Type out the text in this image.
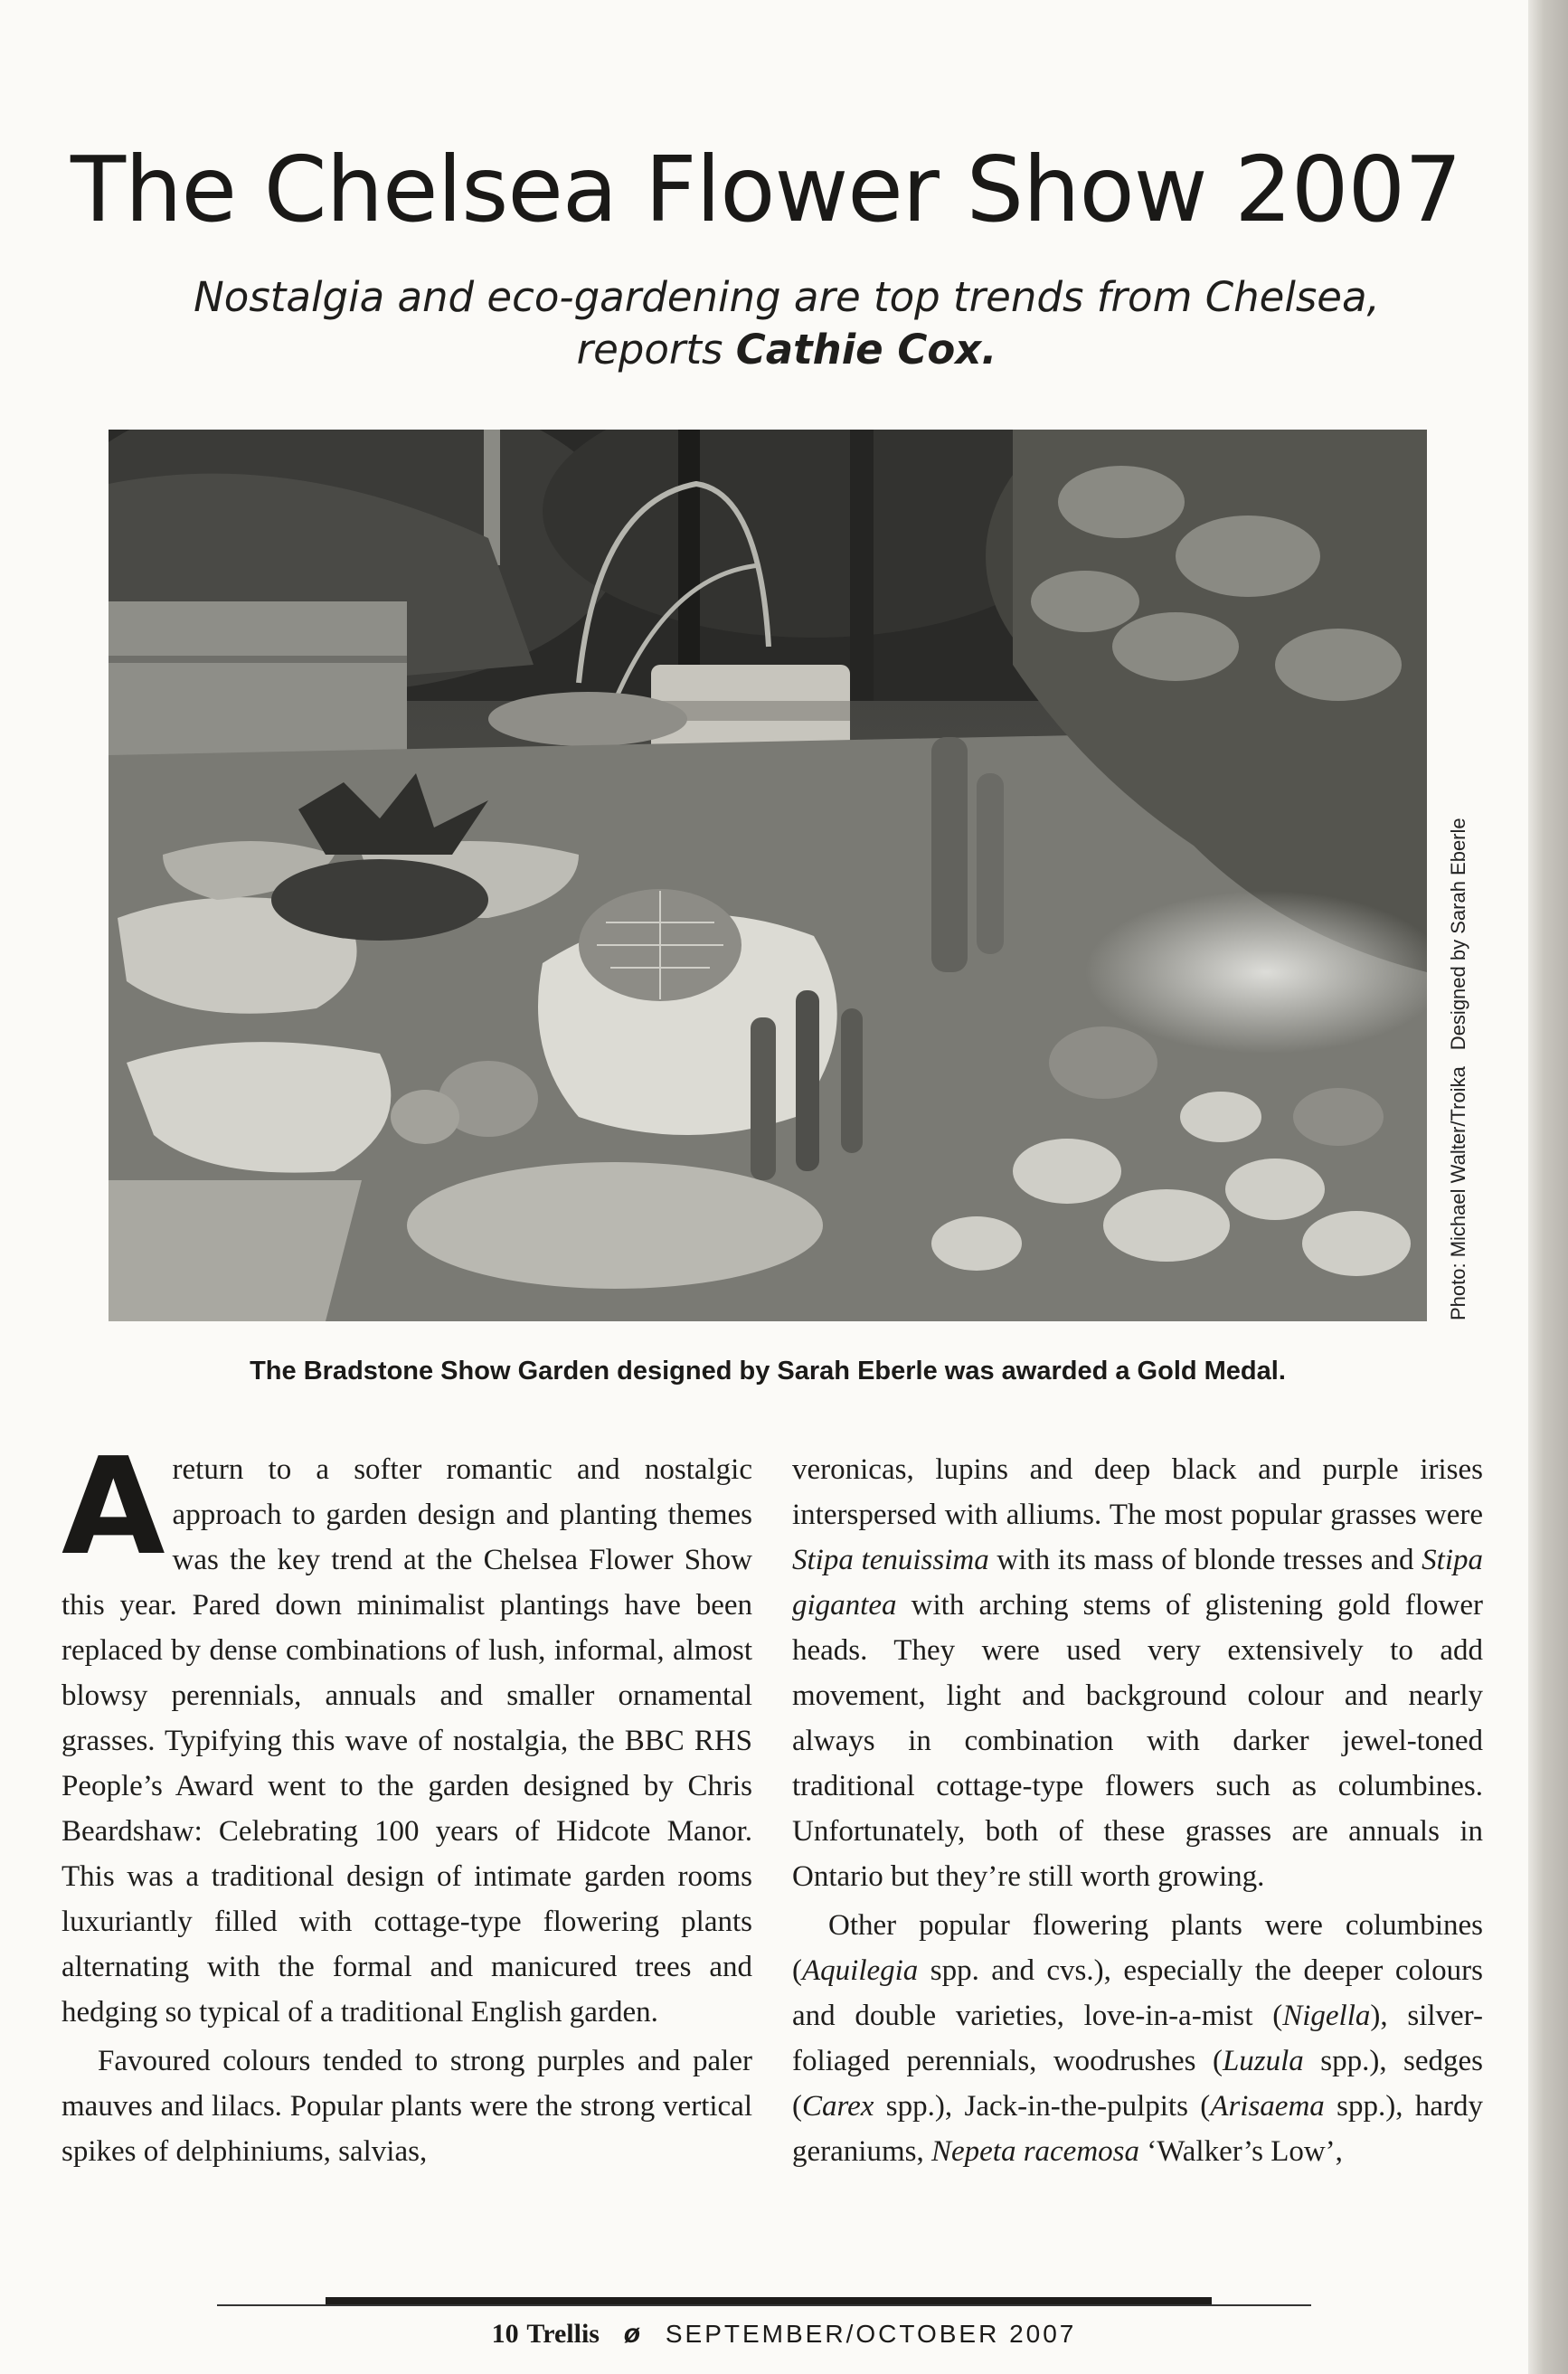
The Chelsea Flower Show 2007
Nostalgia and eco-gardening are top trends from Chelsea, reports Cathie Cox.
Photo: Michael Walter/TroikaDesigned by Sarah Eberle
The Bradstone Show Garden designed by Sarah Eberle was awarded a Gold Medal.

Areturn to a softer romantic and nostalgic approach to garden design and planting themes was the key trend at the Chelsea Flower Show this year. Pared down minimalist plantings have been replaced by dense combinations of lush, informal, almost blowsy perennials, annuals and smaller ornamental grasses. Typifying this wave of nostalgia, the BBC RHS People’s Award went to the garden designed by Chris Beardshaw: Celebrating 100 years of Hidcote Manor. This was a traditional design of intimate garden rooms luxuriantly filled with cottage-type flowering plants alternating with the formal and manicured trees and hedging so typical of a traditional English garden.

Favoured colours tended to strong purples and paler mauves and lilacs. Popular plants were the strong vertical spikes of delphiniums, salvias,

veronicas, lupins and deep black and purple irises interspersed with alliums. The most popular grasses were Stipa tenuissima with its mass of blonde tresses and Stipa gigantea with arching stems of glistening gold flower heads. They were used very extensively to add movement, light and background colour and nearly always in combination with darker jewel-toned traditional cottage-type flowers such as columbines. Unfortunately, both of these grasses are annuals in Ontario but they’re still worth growing.

Other popular flowering plants were columbines (Aquilegia spp. and cvs.), especially the deeper colours and double varieties, love-in-a-mist (Nigella), silver-foliaged perennials, woodrushes (Luzula spp.), sedges (Carex spp.), Jack-in-the-pulpits (Arisaema spp.), hardy geraniums, Nepeta racemosa ‘Walker’s Low’,

10 Trellis ø SEPTEMBER/OCTOBER 2007
